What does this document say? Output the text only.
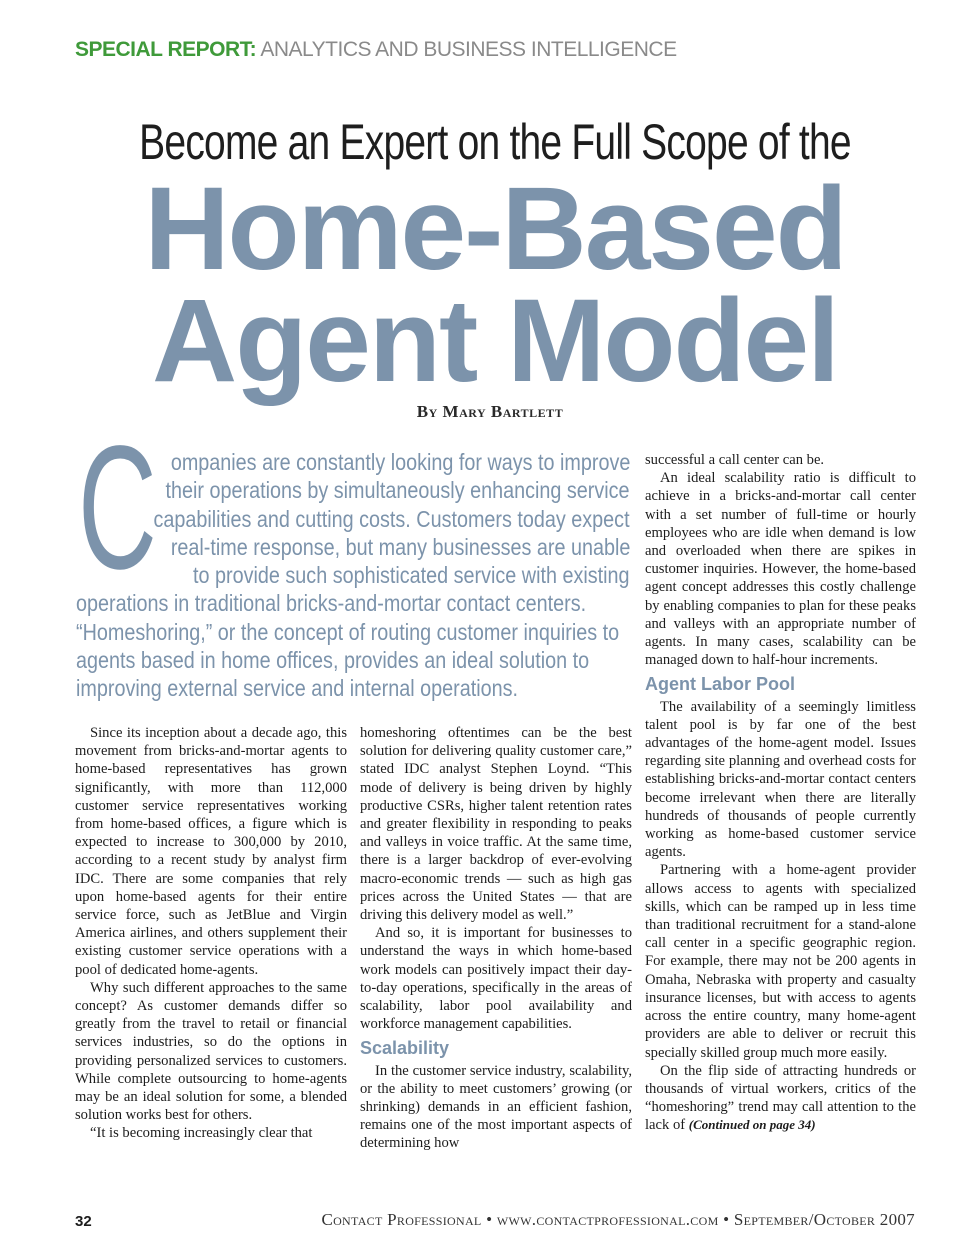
SPECIAL REPORT: ANALYTICS AND BUSINESS INTELLIGENCE
Become an Expert on the Full Scope of the
Home-Based
Agent Model
By Mary Bartlett
C ompanies are constantly looking for ways to improve
their operations by simultaneously enhancing service
capabilities and cutting costs. Customers today expect
real-time response, but many businesses are unable
to provide such sophisticated service with existing
operations in traditional bricks-and-mortar contact centers.
“Homeshoring,” or the concept of routing customer inquiries to
agents based in home offices, provides an ideal solution to
improving external service and internal operations.

Since its inception about a decade ago, this movement from bricks-and-mortar agents to home-based representatives has grown significantly, with more than 112,000 customer service representatives working from home-based offices, a figure which is expected to increase to 300,000 by 2010, according to a recent study by analyst firm IDC. There are some companies that rely upon home-based agents for their entire service force, such as JetBlue and Virgin America airlines, and others supplement their existing customer service operations with a pool of dedicated home-agents.

Why such different approaches to the same concept? As customer demands differ so greatly from the travel to retail or financial services industries, so do the options in providing personalized services to customers. While complete outsourcing to home-agents may be an ideal solution for some, a blended solution works best for others.

“It is becoming increasingly clear that

homeshoring oftentimes can be the best solution for delivering quality customer care,” stated IDC analyst Stephen Loynd. “This mode of delivery is being driven by highly productive CSRs, higher talent retention rates and greater flexibility in responding to peaks and valleys in voice traffic. At the same time, there is a larger backdrop of ever-evolving macro-economic trends — such as high gas prices across the United States — that are driving this delivery model as well.”

And so, it is important for businesses to understand the ways in which home-based work models can positively impact their day-to-day operations, specifically in the areas of scalability, labor pool availability and workforce management capabilities.

Scalability

In the customer service industry, scalability, or the ability to meet customers’ growing (or shrinking) demands in an efficient fashion, remains one of the most important aspects of determining how

successful a call center can be.

An ideal scalability ratio is difficult to achieve in a bricks-and-mortar call center with a set number of full-time or hourly employees who are idle when demand is low and overloaded when there are spikes in customer inquiries. However, the home-based agent concept addresses this costly challenge by enabling companies to plan for these peaks and valleys with an appropriate number of agents. In many cases, scalability can be managed down to half-hour increments.

Agent Labor Pool

The availability of a seemingly limitless talent pool is by far one of the best advantages of the home-agent model. Issues regarding site planning and overhead costs for establishing bricks-and-mortar contact centers become irrelevant when there are literally hundreds of thousands of people currently working as home-based customer service agents.

Partnering with a home-agent provider allows access to agents with specialized skills, which can be ramped up in less time than traditional recruitment for a stand-alone call center in a specific geographic region. For example, there may not be 200 agents in Omaha, Nebraska with property and casualty insurance licenses, but with access to agents across the entire country, many home-agent providers are able to deliver or recruit this specially skilled group much more easily.

On the flip side of attracting hundreds or thousands of virtual workers, critics of the “homeshoring” trend may call attention to the lack of (Continued on page 34)

32	Contact Professional • www.contactprofessional.com • September/October 2007
